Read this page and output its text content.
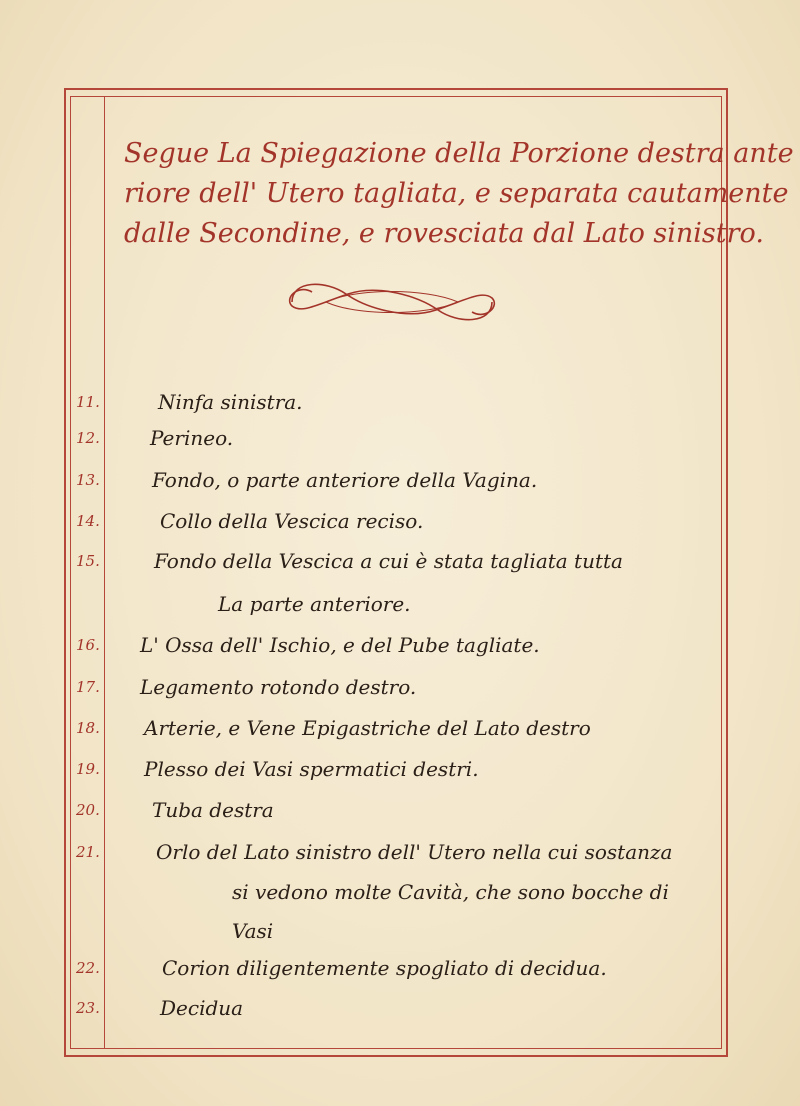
Segue La Spiegazione della Porzione destra ante
riore dell' Utero tagliata, e separata cautamente
dalle Secondine, e rovesciata dal Lato sinistro.
11.	Ninfa sinistra.
12.	Perineo.
13.	Fondo, o parte anteriore della Vagina.
14.	Collo della Vescica reciso.
15.	Fondo della Vescica a cui è stata tagliata tutta
La parte anteriore.
16.	L' Ossa dell' Ischio, e del Pube tagliate.
17.	Legamento rotondo destro.
18.	Arterie, e Vene Epigastriche del Lato destro
19.	Plesso dei Vasi spermatici destri.
20.	Tuba destra
21.	Orlo del Lato sinistro dell' Utero nella cui sostanza
si vedono molte Cavità, che sono bocche di
Vasi
22.	Corion diligentemente spogliato di decidua.
23.	Decidua
